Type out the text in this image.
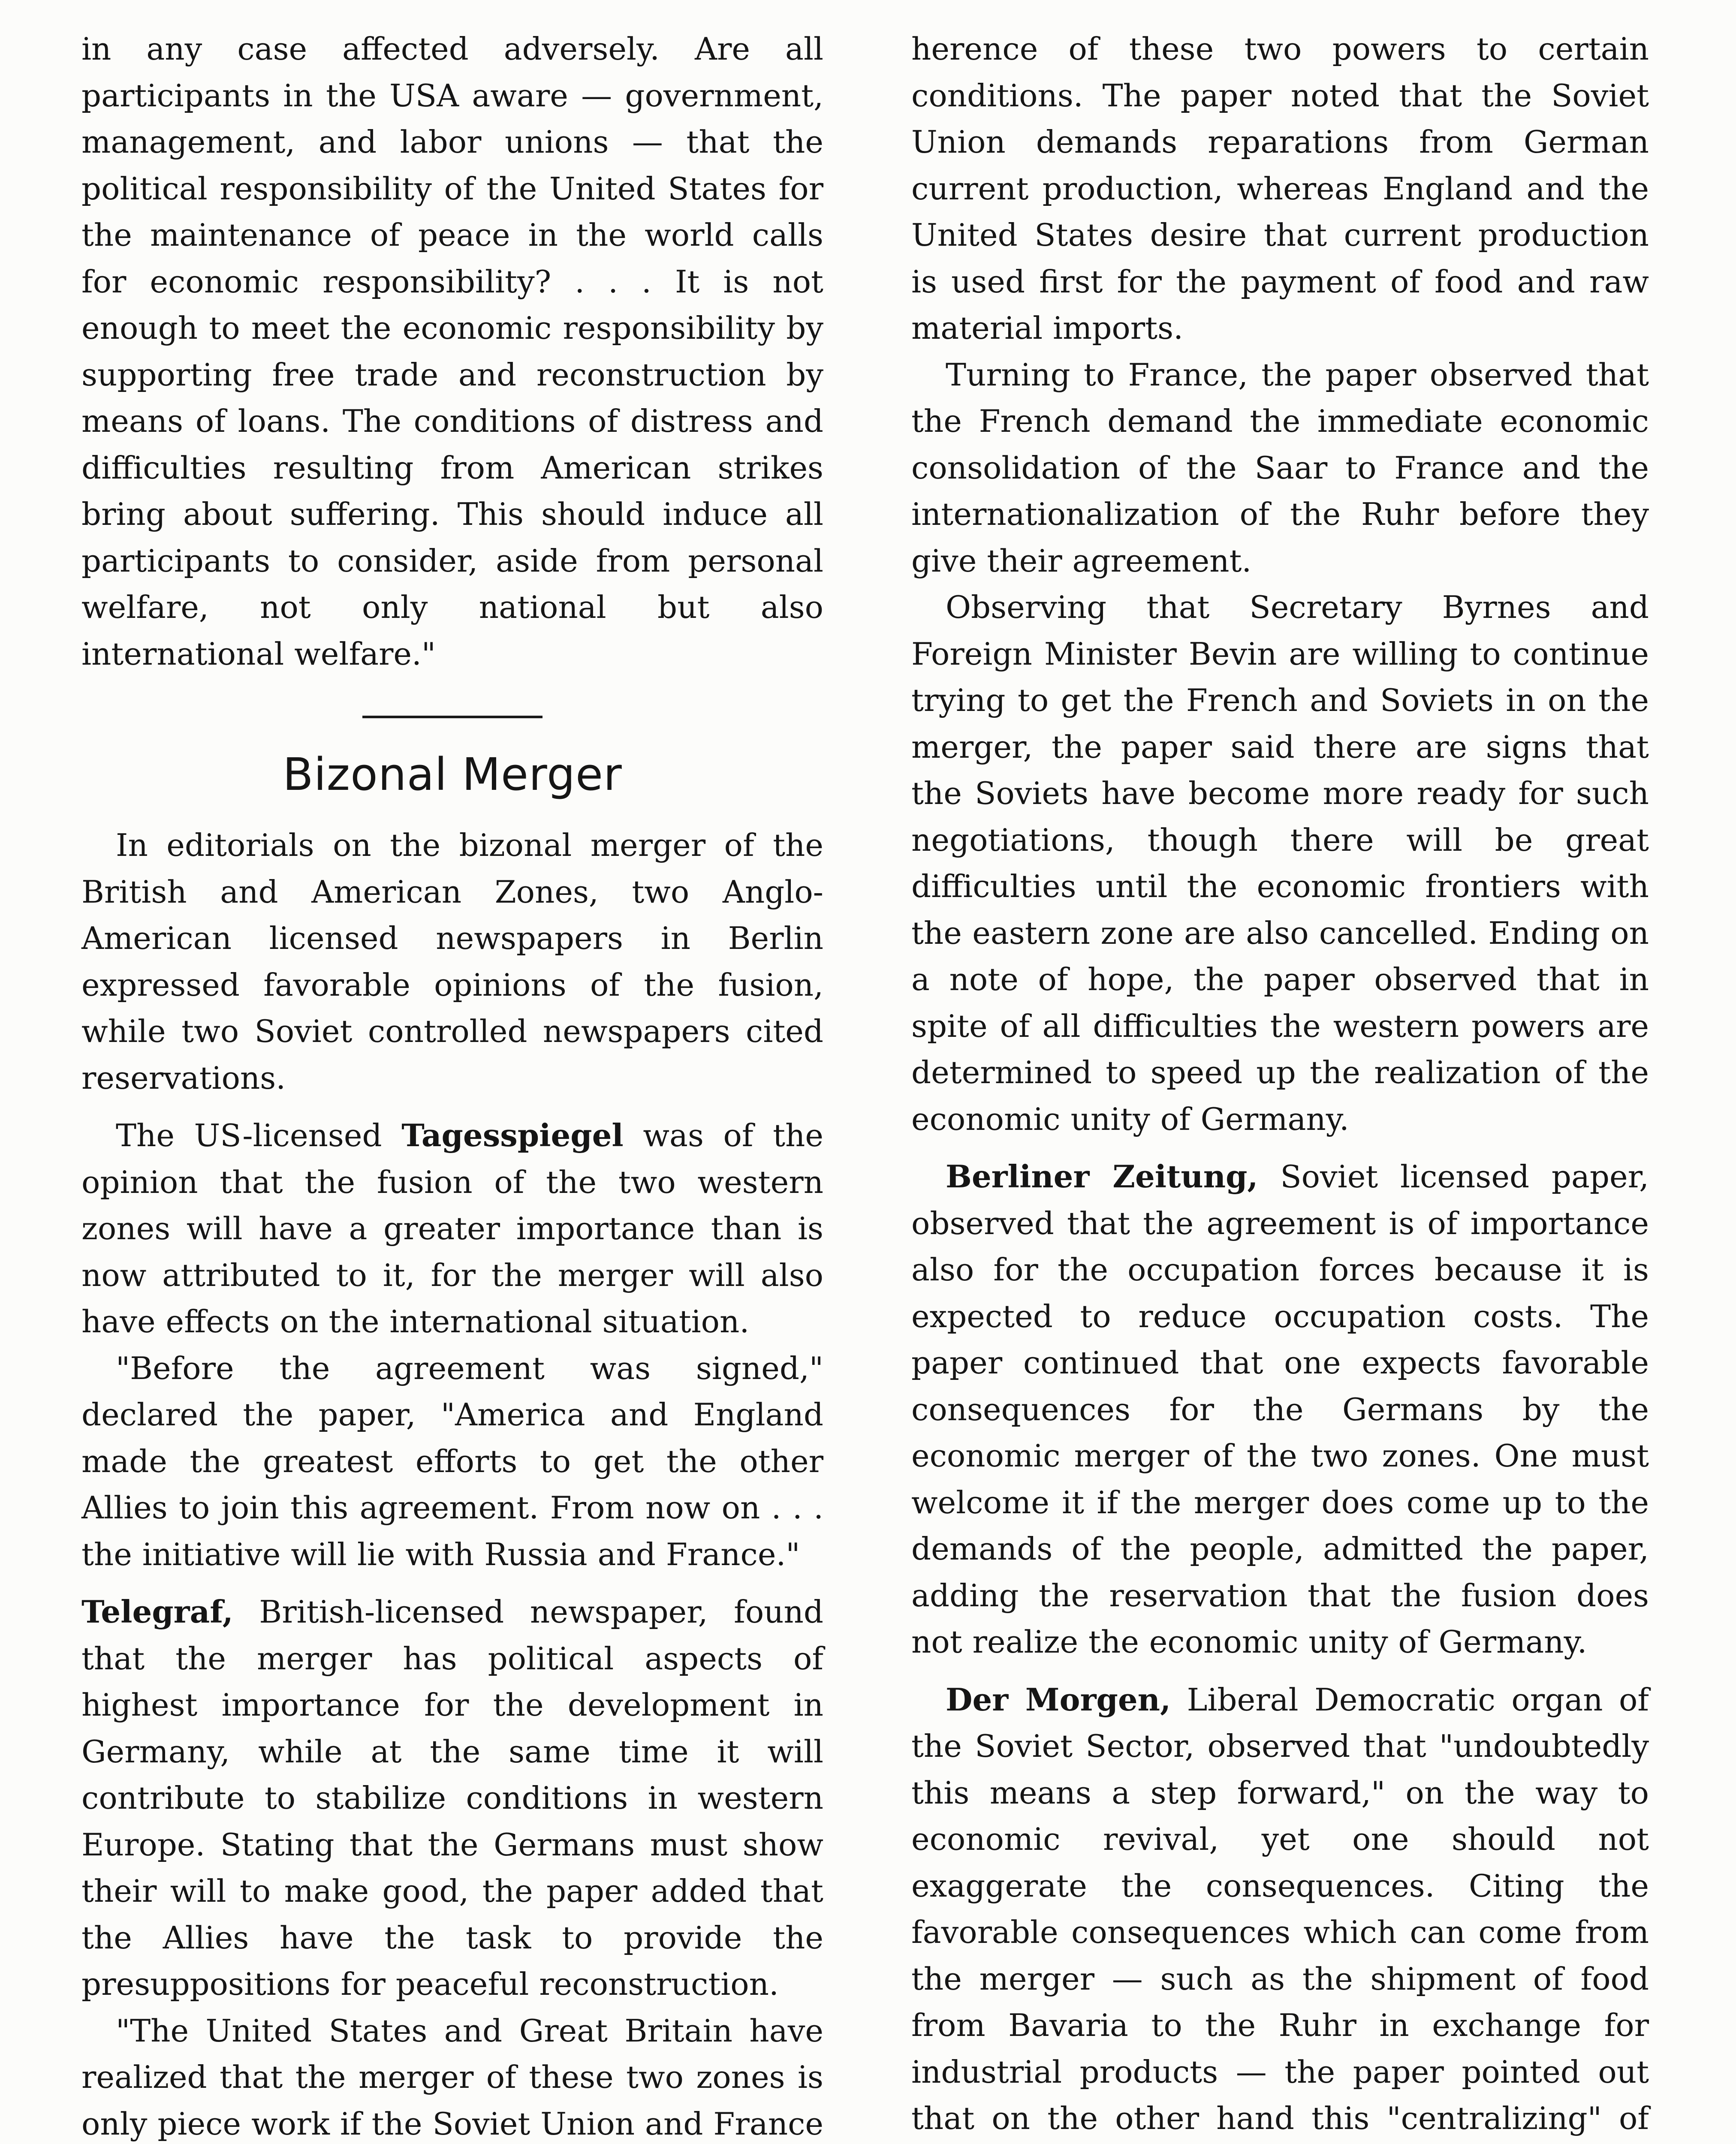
in any case affected adversely. Are all participants in the USA aware — government, management, and labor unions — that the political responsibility of the United States for the maintenance of peace in the world calls for economic responsibility? . . . It is not enough to meet the economic responsibility by supporting free trade and reconstruction by means of loans. The conditions of distress and difficulties resulting from American strikes bring about suffering. This should induce all participants to consider, aside from personal welfare, not only national but also international welfare."

Bizonal Merger

In editorials on the bizonal merger of the British and American Zones, two Anglo-American licensed newspapers in Berlin expressed favorable opinions of the fusion, while two Soviet controlled newspapers cited reservations.

The US-licensed Tagesspiegel was of the opinion that the fusion of the two western zones will have a greater importance than is now attributed to it, for the merger will also have effects on the international situation.

"Before the agreement was signed," declared the paper, "America and England made the greatest efforts to get the other Allies to join this agreement. From now on . . . the initiative will lie with Russia and France."

Telegraf, British-licensed newspaper, found that the merger has political aspects of highest importance for the development in Germany, while at the same time it will contribute to stabilize conditions in western Europe. Stating that the Germans must show their will to make good, the paper added that the Allies have the task to provide the presuppositions for peaceful reconstruction.

"The United States and Great Britain have realized that the merger of these two zones is only piece work if the Soviet Union and France

herence of these two powers to certain conditions. The paper noted that the Soviet Union demands reparations from German current production, whereas England and the United States desire that current production is used first for the payment of food and raw material imports.

Turning to France, the paper observed that the French demand the immediate economic consolidation of the Saar to France and the internationalization of the Ruhr before they give their agreement.

Observing that Secretary Byrnes and Foreign Minister Bevin are willing to continue trying to get the French and Soviets in on the merger, the paper said there are signs that the Soviets have become more ready for such negotiations, though there will be great difficulties until the economic frontiers with the eastern zone are also cancelled. Ending on a note of hope, the paper observed that in spite of all difficulties the western powers are determined to speed up the realization of the economic unity of Germany.

Berliner Zeitung, Soviet licensed paper, observed that the agreement is of importance also for the occupation forces because it is expected to reduce occupation costs. The paper continued that one expects favorable consequences for the Germans by the economic merger of the two zones. One must welcome it if the merger does come up to the demands of the people, admitted the paper, adding the reservation that the fusion does not realize the economic unity of Germany.

Der Morgen, Liberal Democratic organ of the Soviet Sector, observed that "undoubtedly this means a step forward," on the way to economic revival, yet one should not exaggerate the consequences. Citing the favorable consequences which can come from the merger — such as the shipment of food from Bavaria to the Ruhr in exchange for industrial products — the paper pointed out that on the other hand this "centralizing" of
